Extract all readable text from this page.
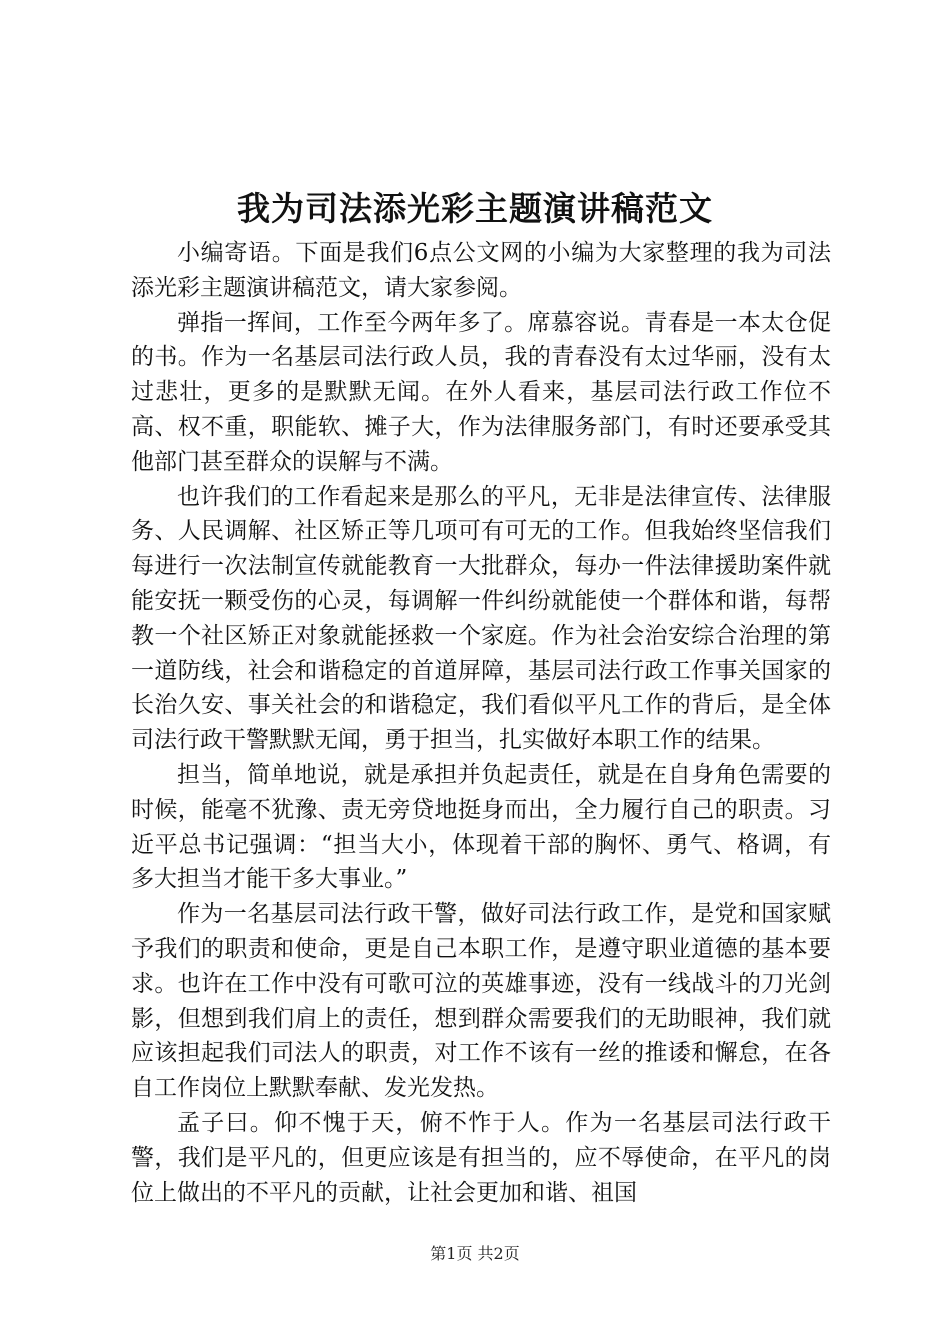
我为司法添光彩主题演讲稿范文

小编寄语。下面是我们6点公文网的小编为大家整理的我为司法添光彩主题演讲稿范文，请大家参阅。

弹指一挥间，工作至今两年多了。席慕容说。青春是一本太仓促的书。作为一名基层司法行政人员，我的青春没有太过华丽，没有太过悲壮，更多的是默默无闻。在外人看来，基层司法行政工作位不高、权不重，职能软、摊子大，作为法律服务部门，有时还要承受其他部门甚至群众的误解与不满。

也许我们的工作看起来是那么的平凡，无非是法律宣传、法律服务、人民调解、社区矫正等几项可有可无的工作。但我始终坚信我们每进行一次法制宣传就能教育一大批群众，每办一件法律援助案件就能安抚一颗受伤的心灵，每调解一件纠纷就能使一个群体和谐，每帮教一个社区矫正对象就能拯救一个家庭。作为社会治安综合治理的第一道防线，社会和谐稳定的首道屏障，基层司法行政工作事关国家的长治久安、事关社会的和谐稳定，我们看似平凡工作的背后，是全体司法行政干警默默无闻，勇于担当，扎实做好本职工作的结果。

担当，简单地说，就是承担并负起责任，就是在自身角色需要的时候，能毫不犹豫、责无旁贷地挺身而出，全力履行自己的职责。习近平总书记强调：“担当大小，体现着干部的胸怀、勇气、格调，有多大担当才能干多大事业。”

作为一名基层司法行政干警，做好司法行政工作，是党和国家赋予我们的职责和使命，更是自己本职工作，是遵守职业道德的基本要求。也许在工作中没有可歌可泣的英雄事迹，没有一线战斗的刀光剑影，但想到我们肩上的责任，想到群众需要我们的无助眼神，我们就应该担起我们司法人的职责，对工作不该有一丝的推诿和懈怠，在各自工作岗位上默默奉献、发光发热。

孟子曰。仰不愧于天，俯不怍于人。作为一名基层司法行政干警，我们是平凡的，但更应该是有担当的，应不辱使命，在平凡的岗位上做出的不平凡的贡献，让社会更加和谐、祖国

第1页 共2页
